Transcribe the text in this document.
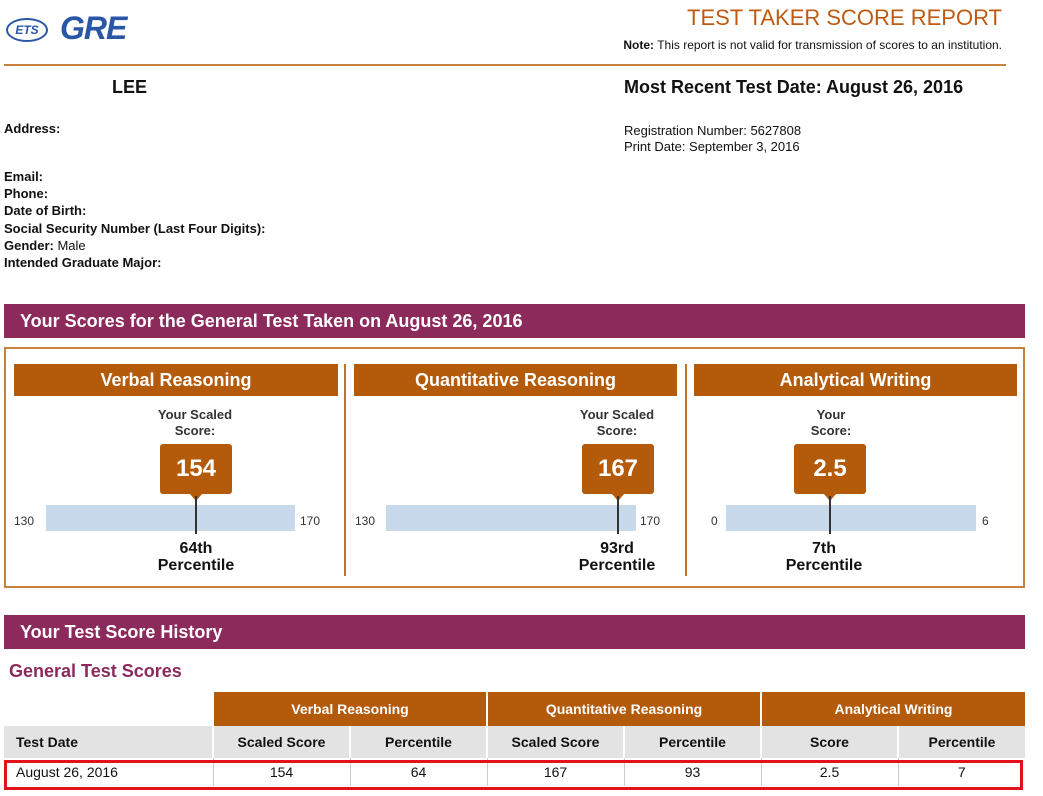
ETS GRE	TEST TAKER SCORE REPORT
Note: This report is not valid for transmission of scores to an institution.
LEE	Most Recent Test Date: August 26, 2016
Address:
Email:
Phone:
Date of Birth:
Social Security Number (Last Four Digits):
Gender: Male
Intended Graduate Major:
Registration Number: 5627808
Print Date: September 3, 2016
Your Scores for the General Test Taken on August 26, 2016
Verbal Reasoning
Your Scaled
Score:
154
130	170
64th
Percentile
Quantitative Reasoning
Your Scaled
Score:
167
130	170
93rd
Percentile
Analytical Writing
Your
Score:
2.5
0	6
7th
Percentile
Your Test Score History
General Test Scores
	Verbal Reasoning		Quantitative Reasoning		Analytical Writing	
Test Date	Scaled Score	Percentile	Scaled Score	Percentile	Score	Percentile
August 26, 2016	154	64	167	93	2.5	7
